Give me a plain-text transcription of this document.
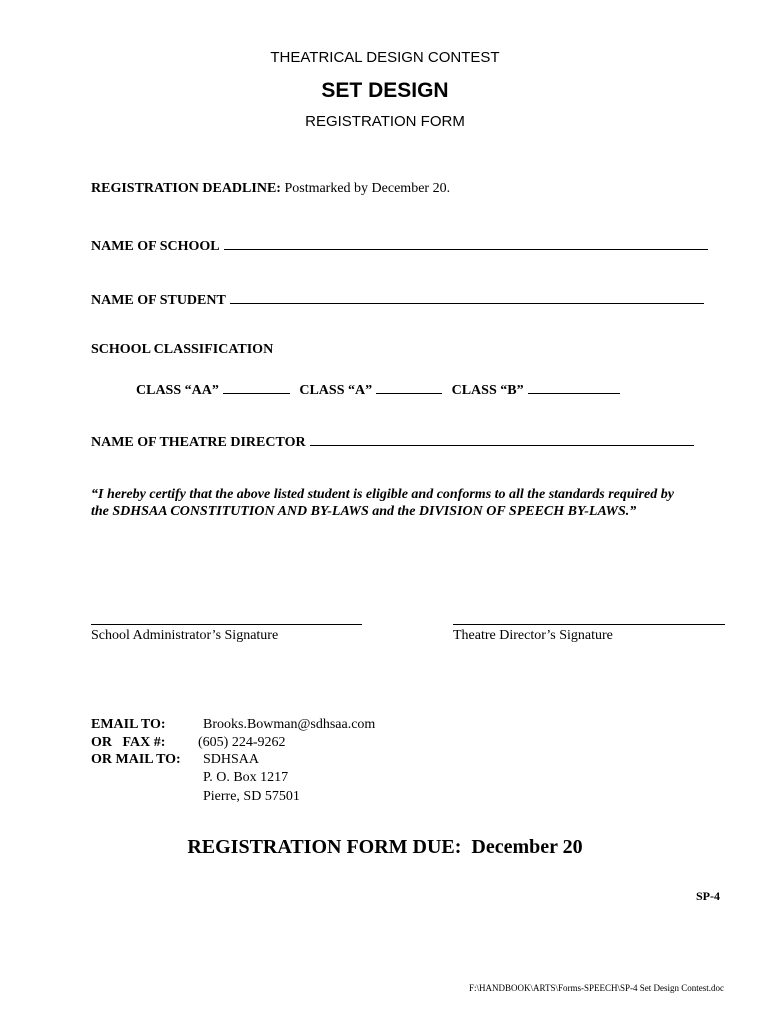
THEATRICAL DESIGN CONTEST
SET DESIGN
REGISTRATION FORM
REGISTRATION DEADLINE: Postmarked by December 20.
NAME OF SCHOOL
NAME OF STUDENT
SCHOOL CLASSIFICATION
CLASS “AA”	CLASS “A”	CLASS “B”
NAME OF THEATRE DIRECTOR
“I hereby certify that the above listed student is eligible and conforms to all the standards required by
the SDHSAA CONSTITUTION AND BY-LAWS and the DIVISION OF SPEECH BY-LAWS.”
School Administrator’s Signature	Theatre Director’s Signature
EMAIL TO:	Brooks.Bowman@sdhsaa.com
OR   FAX #: (605) 224-9262
OR MAIL TO: SDHSAA
P. O. Box 1217
Pierre, SD 57501
REGISTRATION FORM DUE:  December 20
SP-4
F:\HANDBOOK\ARTS\Forms-SPEECH\SP-4 Set Design Contest.doc
